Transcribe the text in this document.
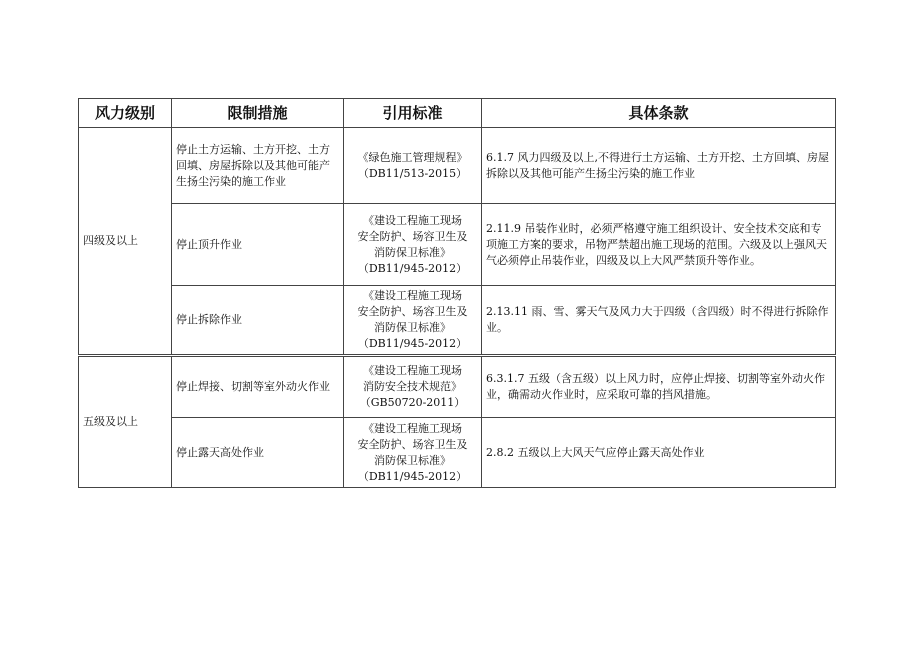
风力级别	限制措施	引用标准	具体条款
四级及以上	停止土方运输、土方开挖、土方回填、房屋拆除以及其他可能产生扬尘污染的施工作业	《绿色施工管理规程》
（DB11/513-2015）	6.1.7 风力四级及以上,不得进行土方运输、土方开挖、土方回填、房屋拆除以及其他可能产生扬尘污染的施工作业
	停止顶升作业	《建设工程施工现场
安全防护、场容卫生及
消防保卫标准》
（DB11/945-2012）	2.11.9 吊装作业时，必须严格遵守施工组织设计、安全技术交底和专项施工方案的要求，吊物严禁超出施工现场的范围。六级及以上强风天气必须停止吊装作业，四级及以上大风严禁顶升等作业。
	停止拆除作业	《建设工程施工现场
安全防护、场容卫生及
消防保卫标准》
（DB11/945-2012）	2.13.11 雨、雪、雾天气及风力大于四级（含四级）时不得进行拆除作业。
五级及以上	停止焊接、切割等室外动火作业	《建设工程施工现场
消防安全技术规范》
（GB50720-2011）	6.3.1.7 五级（含五级）以上风力时，应停止焊接、切割等室外动火作业，确需动火作业时，应采取可靠的挡风措施。
	停止露天高处作业	《建设工程施工现场
安全防护、场容卫生及
消防保卫标准》
（DB11/945-2012）	2.8.2 五级以上大风天气应停止露天高处作业
